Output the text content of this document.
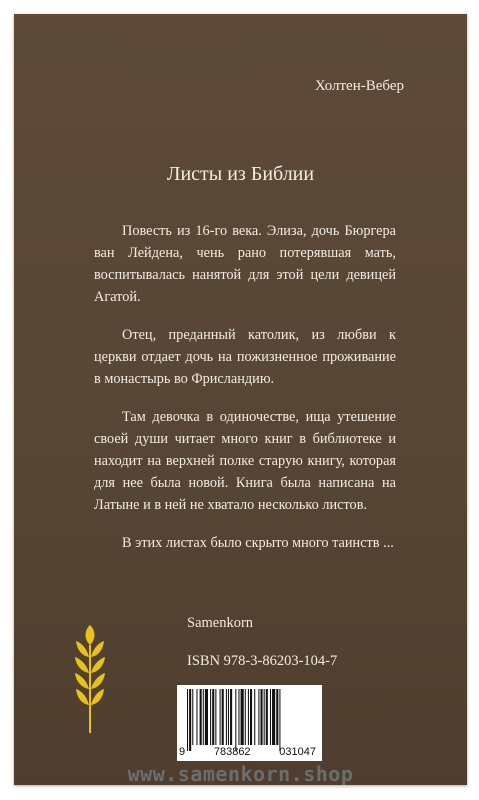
Холтен-Вебер
Листы из Библии

Повесть из 16-го века. Элиза, дочь Бюргера ван Лейдена, чень рано потерявшая мать, воспитывалась нанятой для этой цели девицей Агатой.

Отец, преданный католик, из любви к церкви отдает дочь на пожизненное проживание в монастырь во Фрисландию.

Там девочка в одиночестве, ища утешение своей души читает много книг в библиотеке и находит на верхней полке старую книгу, которая для нее была новой. Книга была написана на Латыне и в ней не хватало несколько листов.

В этих листах было скрыто много таинств ...

Samenkorn
ISBN 978-3-86203-104-7
9	783862	031047
www.samenkorn.shop
